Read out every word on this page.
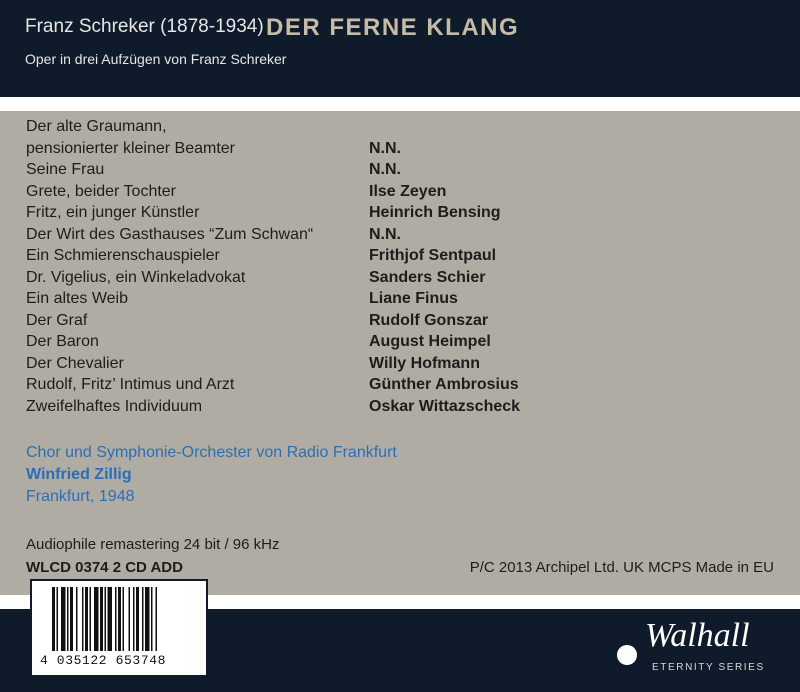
Franz Schreker (1878-1934) DER FERNE KLANG
Oper in drei Aufzügen von Franz Schreker
Der alte Graumann,
pensionierter kleiner Beamter	N.N.
Seine Frau	N.N.
Grete, beider Tochter	Ilse Zeyen
Fritz, ein junger Künstler	Heinrich Bensing
Der Wirt des Gasthauses “Zum Schwan“	N.N.
Ein Schmierenschauspieler	Frithjof Sentpaul
Dr. Vigelius, ein Winkeladvokat	Sanders Schier
Ein altes Weib	Liane Finus
Der Graf	Rudolf Gonszar
Der Baron	August Heimpel
Der Chevalier	Willy Hofmann
Rudolf, Fritz’ Intimus und Arzt	Günther Ambrosius
Zweifelhaftes Individuum	Oskar Wittazscheck
Chor und Symphonie-Orchester von Radio Frankfurt
Winfried Zillig
Frankfurt, 1948
Audiophile remastering 24 bit / 96 kHz
WLCD 0374 2 CD ADD	P/C 2013 Archipel Ltd. UK MCPS Made in EU
4 035122 653748
Walhall
ETERNITY SERIES
